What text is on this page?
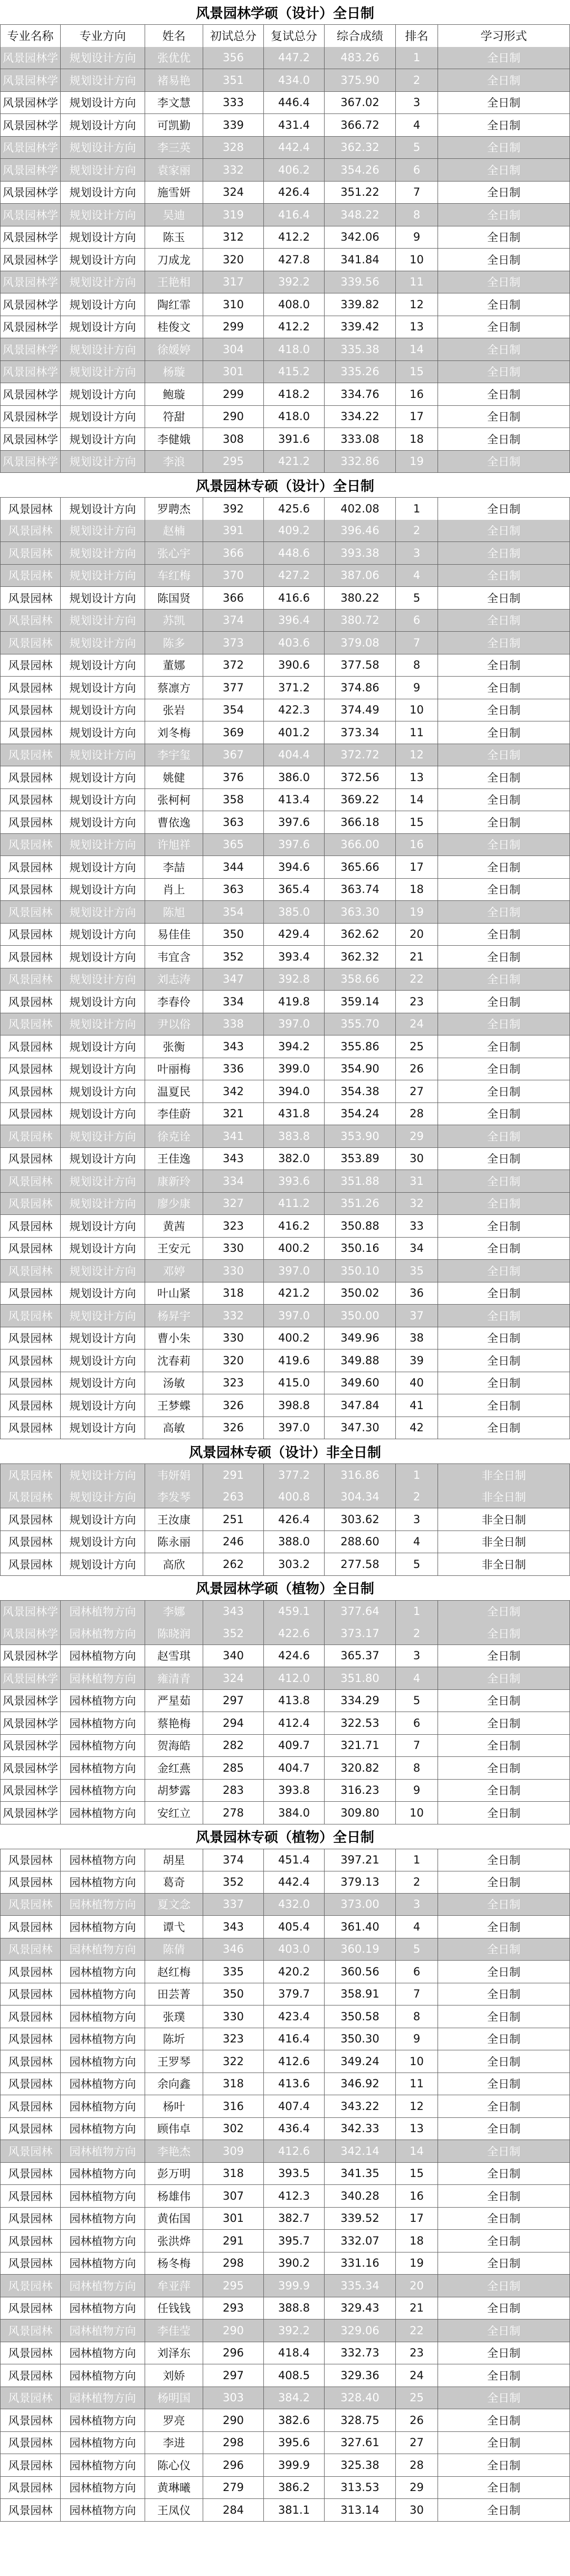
风景园林学硕（设计）全日制
专业名称	专业方向	姓名	初试总分	复试总分	综合成绩	排名	学习形式
风景园林学	规划设计方向	张优优	356	447.2	483.26	1	全日制
风景园林学	规划设计方向	褚易艳	351	434.0	375.90	2	全日制
风景园林学	规划设计方向	李文慧	333	446.4	367.02	3	全日制
风景园林学	规划设计方向	可凯勤	339	431.4	366.72	4	全日制
风景园林学	规划设计方向	李三英	328	442.4	362.32	5	全日制
风景园林学	规划设计方向	袁家丽	332	406.2	354.26	6	全日制
风景园林学	规划设计方向	施雪妍	324	426.4	351.22	7	全日制
风景园林学	规划设计方向	吴迪	319	416.4	348.22	8	全日制
风景园林学	规划设计方向	陈玉	312	412.2	342.06	9	全日制
风景园林学	规划设计方向	刀成龙	320	427.8	341.84	10	全日制
风景园林学	规划设计方向	王艳相	317	392.2	339.56	11	全日制
风景园林学	规划设计方向	陶红霏	310	408.0	339.82	12	全日制
风景园林学	规划设计方向	桂俊文	299	412.2	339.42	13	全日制
风景园林学	规划设计方向	徐媛婷	304	418.0	335.38	14	全日制
风景园林学	规划设计方向	杨璇	301	415.2	335.26	15	全日制
风景园林学	规划设计方向	鲍璇	299	418.2	334.76	16	全日制
风景园林学	规划设计方向	符甜	290	418.0	334.22	17	全日制
风景园林学	规划设计方向	李健娥	308	391.6	333.08	18	全日制
风景园林学	规划设计方向	李浪	295	421.2	332.86	19	全日制
风景园林专硕（设计）全日制
风景园林	规划设计方向	罗聘杰	392	425.6	402.08	1	全日制
风景园林	规划设计方向	赵楠	391	409.2	396.46	2	全日制
风景园林	规划设计方向	张心宇	366	448.6	393.38	3	全日制
风景园林	规划设计方向	车红梅	370	427.2	387.06	4	全日制
风景园林	规划设计方向	陈国贤	366	416.6	380.22	5	全日制
风景园林	规划设计方向	苏凯	374	396.4	380.72	6	全日制
风景园林	规划设计方向	陈多	373	403.6	379.08	7	全日制
风景园林	规划设计方向	董娜	372	390.6	377.58	8	全日制
风景园林	规划设计方向	蔡凛方	377	371.2	374.86	9	全日制
风景园林	规划设计方向	张岩	354	422.3	374.49	10	全日制
风景园林	规划设计方向	刘冬梅	369	401.2	373.34	11	全日制
风景园林	规划设计方向	李宇玺	367	404.4	372.72	12	全日制
风景园林	规划设计方向	姚健	376	386.0	372.56	13	全日制
风景园林	规划设计方向	张柯柯	358	413.4	369.22	14	全日制
风景园林	规划设计方向	曹依逸	363	397.6	366.18	15	全日制
风景园林	规划设计方向	许旭祥	365	397.6	366.00	16	全日制
风景园林	规划设计方向	李喆	344	394.6	365.66	17	全日制
风景园林	规划设计方向	肖上	363	365.4	363.74	18	全日制
风景园林	规划设计方向	陈旭	354	385.0	363.30	19	全日制
风景园林	规划设计方向	易佳佳	350	429.4	362.62	20	全日制
风景园林	规划设计方向	韦宜含	352	393.4	362.32	21	全日制
风景园林	规划设计方向	刘志涛	347	392.8	358.66	22	全日制
风景园林	规划设计方向	李春伶	334	419.8	359.14	23	全日制
风景园林	规划设计方向	尹以俗	338	397.0	355.70	24	全日制
风景园林	规划设计方向	张衡	343	394.2	355.86	25	全日制
风景园林	规划设计方向	叶丽梅	336	399.0	354.90	26	全日制
风景园林	规划设计方向	温夏民	342	394.0	354.38	27	全日制
风景园林	规划设计方向	李佳蔚	321	431.8	354.24	28	全日制
风景园林	规划设计方向	徐克诠	341	383.8	353.90	29	全日制
风景园林	规划设计方向	王佳逸	343	382.0	353.89	30	全日制
风景园林	规划设计方向	康新玲	334	393.6	351.88	31	全日制
风景园林	规划设计方向	廖少康	327	411.2	351.26	32	全日制
风景园林	规划设计方向	黄茜	323	416.2	350.88	33	全日制
风景园林	规划设计方向	王安元	330	400.2	350.16	34	全日制
风景园林	规划设计方向	邓婷	330	397.0	350.10	35	全日制
风景园林	规划设计方向	叶山紧	318	421.2	350.02	36	全日制
风景园林	规划设计方向	杨昇宇	332	397.0	350.00	37	全日制
风景园林	规划设计方向	曹小朱	330	400.2	349.96	38	全日制
风景园林	规划设计方向	沈春莉	320	419.6	349.88	39	全日制
风景园林	规划设计方向	汤敏	323	415.0	349.60	40	全日制
风景园林	规划设计方向	王梦蝶	326	398.8	347.84	41	全日制
风景园林	规划设计方向	高敏	326	397.0	347.30	42	全日制
风景园林专硕（设计）非全日制
风景园林	规划设计方向	韦妍娟	291	377.2	316.86	1	非全日制
风景园林	规划设计方向	李发琴	263	400.8	304.34	2	非全日制
风景园林	规划设计方向	王汝康	251	426.4	303.62	3	非全日制
风景园林	规划设计方向	陈永丽	246	388.0	288.60	4	非全日制
风景园林	规划设计方向	高欣	262	303.2	277.58	5	非全日制
风景园林学硕（植物）全日制
风景园林学	园林植物方向	李娜	343	459.1	377.64	1	全日制
风景园林学	园林植物方向	陈晓润	352	422.6	373.17	2	全日制
风景园林学	园林植物方向	赵雪琪	340	424.6	365.37	3	全日制
风景园林学	园林植物方向	雍清青	324	412.0	351.80	4	全日制
风景园林学	园林植物方向	严星茹	297	413.8	334.29	5	全日制
风景园林学	园林植物方向	蔡艳梅	294	412.4	322.53	6	全日制
风景园林学	园林植物方向	贺海皓	282	409.7	321.71	7	全日制
风景园林学	园林植物方向	金红燕	285	404.7	320.82	8	全日制
风景园林学	园林植物方向	胡梦露	283	393.8	316.23	9	全日制
风景园林学	园林植物方向	安红立	278	384.0	309.80	10	全日制
风景园林专硕（植物）全日制
风景园林	园林植物方向	胡星	374	451.4	397.21	1	全日制
风景园林	园林植物方向	葛奇	352	442.4	379.13	2	全日制
风景园林	园林植物方向	夏文念	337	432.0	373.00	3	全日制
风景园林	园林植物方向	谭弋	343	405.4	361.40	4	全日制
风景园林	园林植物方向	陈倩	346	403.0	360.19	5	全日制
风景园林	园林植物方向	赵红梅	335	420.2	360.56	6	全日制
风景园林	园林植物方向	田芸菁	350	379.7	358.91	7	全日制
风景园林	园林植物方向	张璞	330	423.4	350.58	8	全日制
风景园林	园林植物方向	陈圻	323	416.4	350.30	9	全日制
风景园林	园林植物方向	王罗琴	322	412.6	349.24	10	全日制
风景园林	园林植物方向	余向鑫	318	413.6	346.92	11	全日制
风景园林	园林植物方向	杨叶	316	407.4	343.22	12	全日制
风景园林	园林植物方向	顾伟卓	302	436.4	342.33	13	全日制
风景园林	园林植物方向	李艳杰	309	412.6	342.14	14	全日制
风景园林	园林植物方向	彭万明	318	393.5	341.35	15	全日制
风景园林	园林植物方向	杨雄伟	307	412.3	340.28	16	全日制
风景园林	园林植物方向	黄佑国	301	382.7	339.52	17	全日制
风景园林	园林植物方向	张洪烨	291	395.7	332.07	18	全日制
风景园林	园林植物方向	杨冬梅	298	390.2	331.16	19	全日制
风景园林	园林植物方向	牟亚萍	295	399.9	335.34	20	全日制
风景园林	园林植物方向	任钱钱	293	388.8	329.43	21	全日制
风景园林	园林植物方向	李佳莹	290	392.2	329.06	22	全日制
风景园林	园林植物方向	刘泽东	296	418.4	332.73	23	全日制
风景园林	园林植物方向	刘娇	297	408.5	329.36	24	全日制
风景园林	园林植物方向	杨明国	303	384.2	328.40	25	全日制
风景园林	园林植物方向	罗亮	290	382.6	328.75	26	全日制
风景园林	园林植物方向	李进	298	395.6	327.61	27	全日制
风景园林	园林植物方向	陈心仪	296	399.9	325.38	28	全日制
风景园林	园林植物方向	黄琳曦	279	386.2	313.53	29	全日制
风景园林	园林植物方向	王凤仪	284	381.1	313.14	30	全日制
